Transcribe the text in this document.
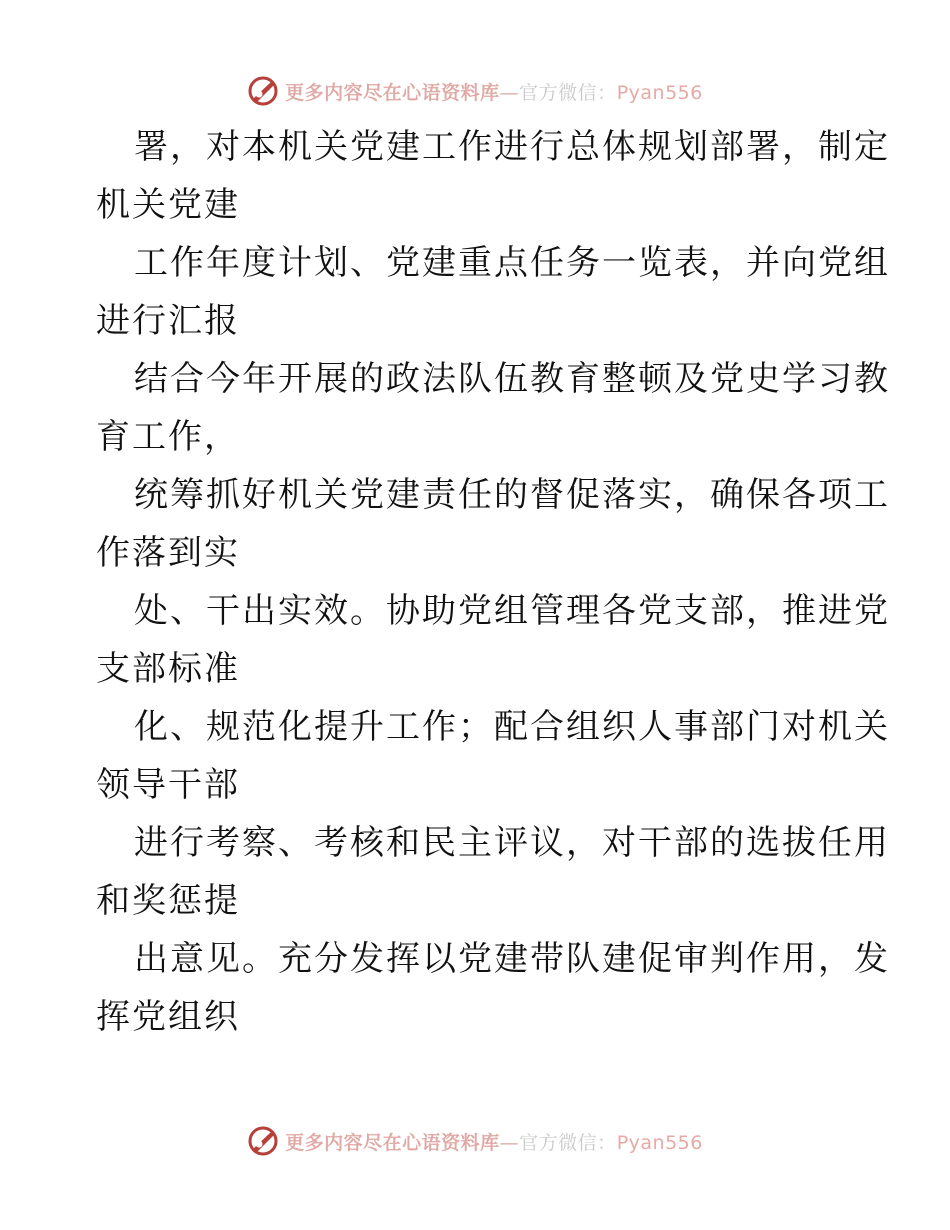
更多内容尽在心语资料库—官方微信：Pyan556
署，对本机关党建工作进行总体规划部署，制定
机关党建
工作年度计划、党建重点任务一览表，并向党组
进行汇报
结合今年开展的政法队伍教育整顿及党史学习教
育工作，
统筹抓好机关党建责任的督促落实，确保各项工
作落到实
处、干出实效。协助党组管理各党支部，推进党
支部标准
化、规范化提升工作；配合组织人事部门对机关
领导干部
进行考察、考核和民主评议，对干部的选拔任用
和奖惩提
出意见。充分发挥以党建带队建促审判作用，发
挥党组织
更多内容尽在心语资料库—官方微信：Pyan556
